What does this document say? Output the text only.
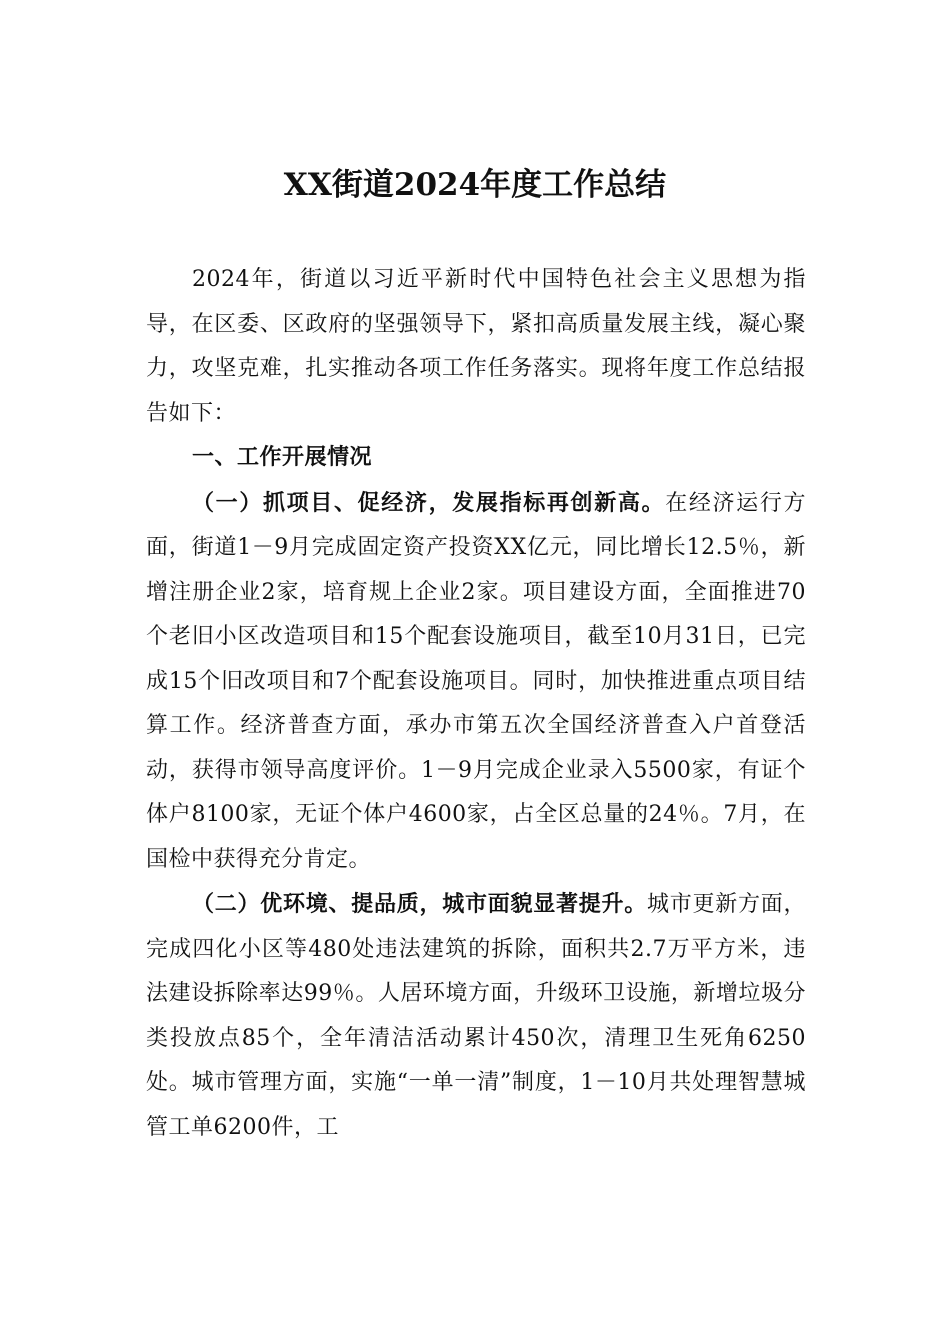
XX街道2024年度工作总结

2024年，街道以习近平新时代中国特色社会主义思想为指导，在区委、区政府的坚强领导下，紧扣高质量发展主线，凝心聚力，攻坚克难，扎实推动各项工作任务落实。现将年度工作总结报告如下：

一、工作开展情况

（一）抓项目、促经济，发展指标再创新高。在经济运行方面，街道1－9月完成固定资产投资XX亿元，同比增长12.5％，新增注册企业2家，培育规上企业2家。项目建设方面，全面推进70个老旧小区改造项目和15个配套设施项目，截至10月31日，已完成15个旧改项目和7个配套设施项目。同时，加快推进重点项目结算工作。经济普查方面，承办市第五次全国经济普查入户首登活动，获得市领导高度评价。1－9月完成企业录入5500家，有证个体户8100家，无证个体户4600家，占全区总量的24％。7月，在国检中获得充分肯定。

（二）优环境、提品质，城市面貌显著提升。城市更新方面，完成四化小区等480处违法建筑的拆除，面积共2.7万平方米，违法建设拆除率达99％。人居环境方面，升级环卫设施，新增垃圾分类投放点85个，全年清洁活动累计450次，清理卫生死角6250处。城市管理方面，实施“一单一清”制度，1－10月共处理智慧城管工单6200件，工
